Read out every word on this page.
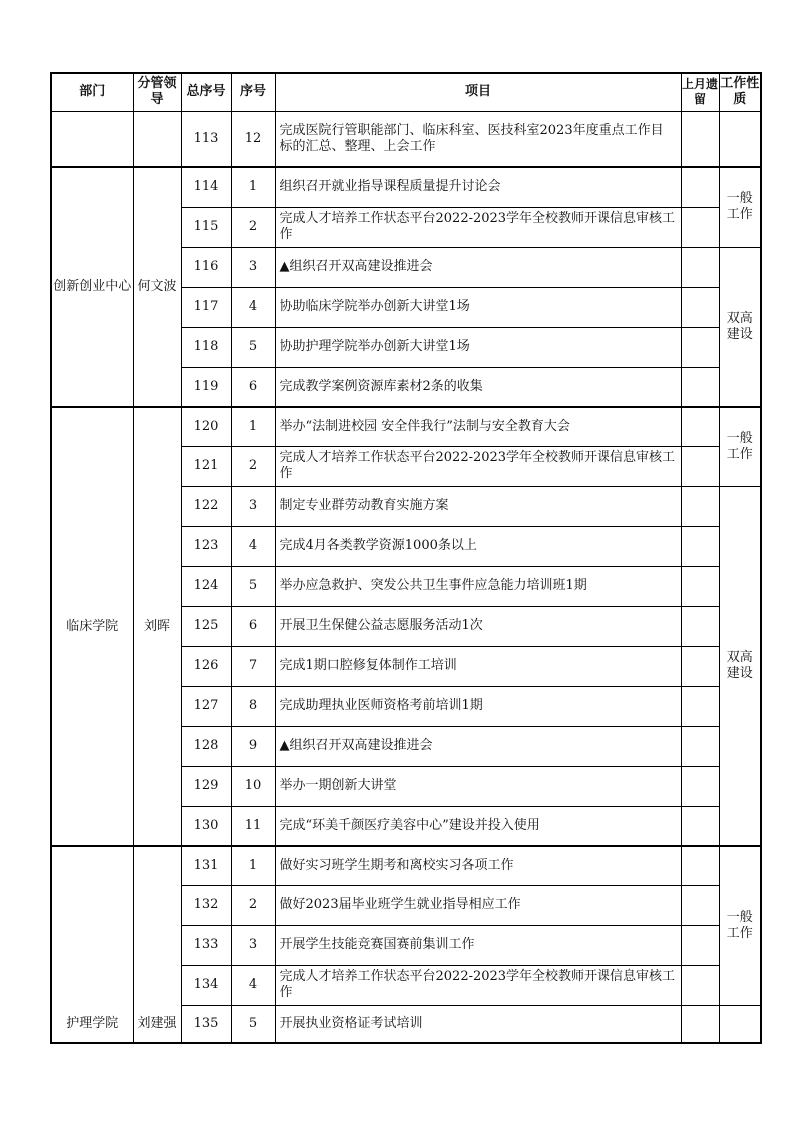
部门	分管领导	总序号	序号	项目	上月遗留	工作性质
		113	12	完成医院行管职能部门、临床科室、医技科室2023年度重点工作目标的汇总、整理、上会工作		
创新创业中心	何文波	114	1	组织召开就业指导课程质量提升讨论会		一般工作
		115	2	完成人才培养工作状态平台2022-2023学年全校教师开课信息审核工作		
		116	3	▲组织召开双高建设推进会		双高建设
		117	4	协助临床学院举办创新大讲堂1场		
		118	5	协助护理学院举办创新大讲堂1场		
		119	6	完成教学案例资源库素材2条的收集		
临床学院	刘晖	120	1	举办“法制进校园 安全伴我行”法制与安全教育大会		一般工作
		121	2	完成人才培养工作状态平台2022-2023学年全校教师开课信息审核工作		
		122	3	制定专业群劳动教育实施方案		双高建设
		123	4	完成4月各类教学资源1000条以上		
		124	5	举办应急救护、突发公共卫生事件应急能力培训班1期		
		125	6	开展卫生保健公益志愿服务活动1次		
		126	7	完成1期口腔修复体制作工培训		
		127	8	完成助理执业医师资格考前培训1期		
		128	9	▲组织召开双高建设推进会		
		129	10	举办一期创新大讲堂		
		130	11	完成“环美千颜医疗美容中心”建设并投入使用		
护理学院	刘建强	131	1	做好实习班学生期考和离校实习各项工作		一般工作
		132	2	做好2023届毕业班学生就业指导相应工作		
		133	3	开展学生技能竞赛国赛前集训工作		
		134	4	完成人才培养工作状态平台2022-2023学年全校教师开课信息审核工作		
		135	5	开展执业资格证考试培训		
